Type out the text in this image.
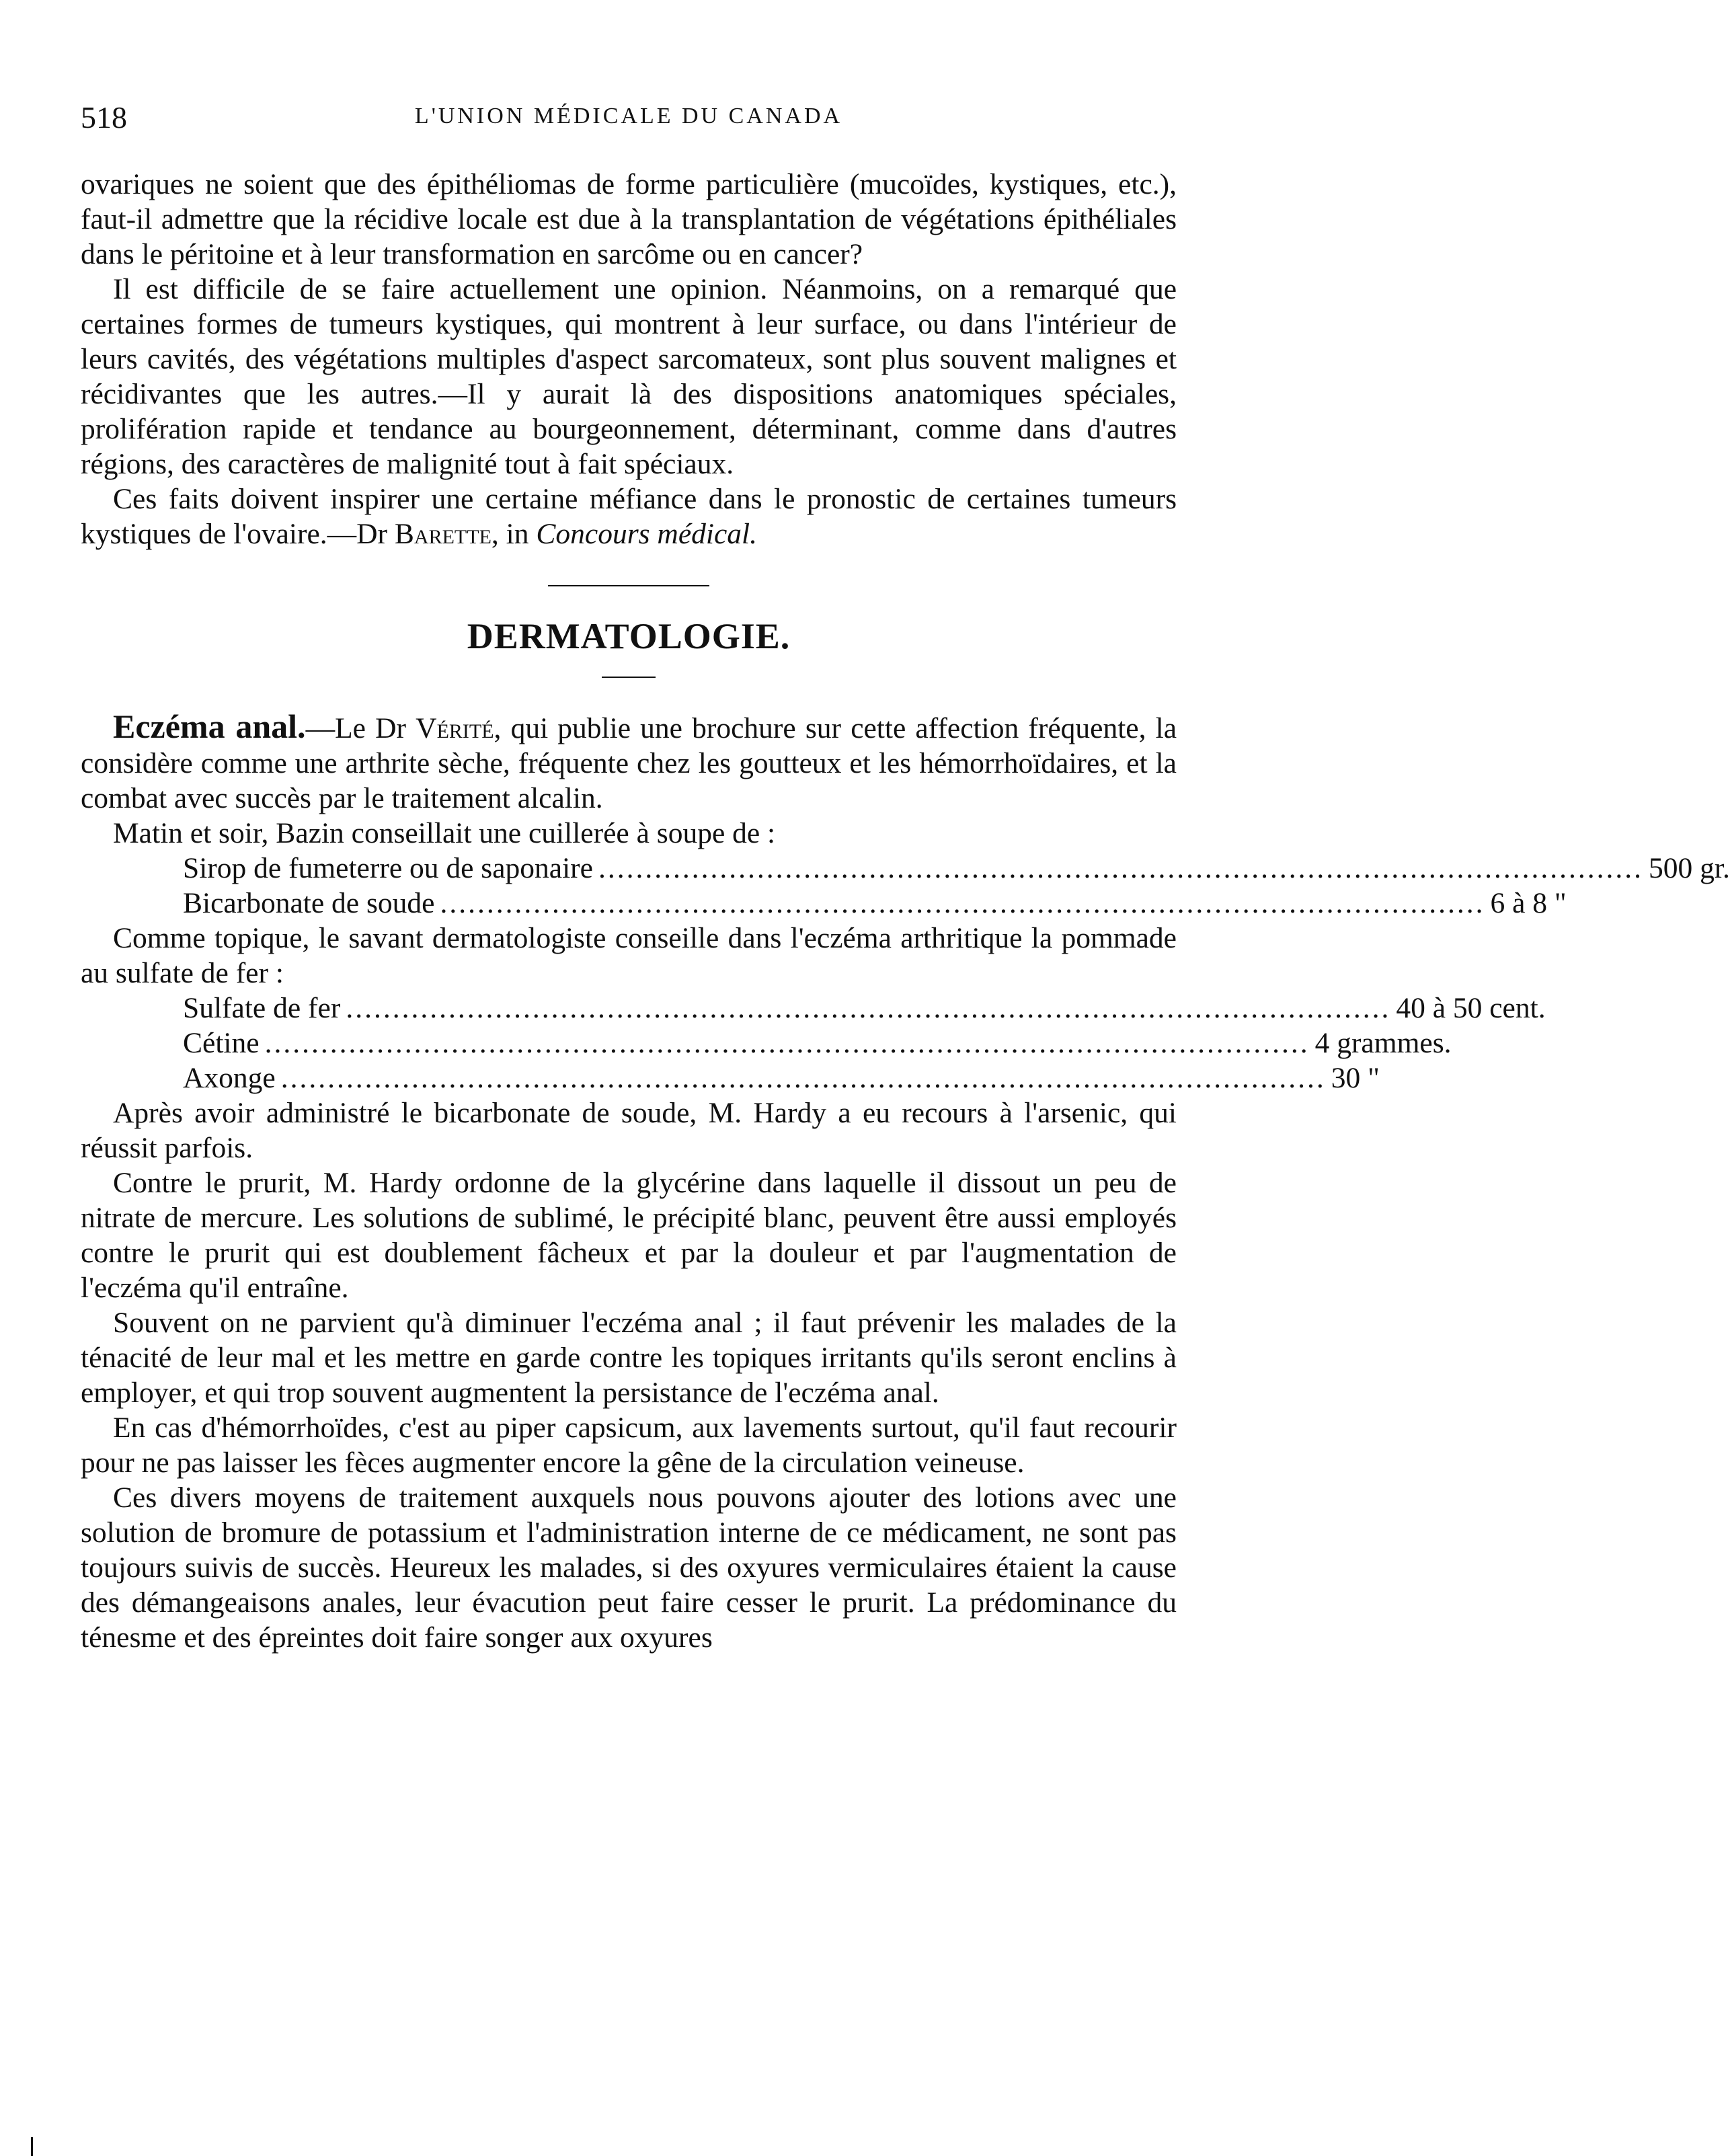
518	L'UNION MÉDICALE DU CANADA

ovariques ne soient que des épithéliomas de forme particulière (mucoïdes, kystiques, etc.), faut-il admettre que la récidive locale est due à la transplantation de végétations épithéliales dans le péritoine et à leur transformation en sarcôme ou en cancer?

Il est difficile de se faire actuellement une opinion. Néanmoins, on a remarqué que certaines formes de tumeurs kystiques, qui montrent à leur surface, ou dans l'intérieur de leurs cavités, des végétations multiples d'aspect sarcomateux, sont plus souvent malignes et récidivantes que les autres.—Il y aurait là des dispositions anatomiques spéciales, prolifération rapide et tendance au bourgeonnement, déterminant, comme dans d'autres régions, des caractères de malignité tout à fait spéciaux.

Ces faits doivent inspirer une certaine méfiance dans le pronostic de certaines tumeurs kystiques de l'ovaire.—Dr Barette, in Concours médical.

DERMATOLOGIE.

Eczéma anal.—Le Dr Vérité, qui publie une brochure sur cette affection fréquente, la considère comme une arthrite sèche, fréquente chez les goutteux et les hémorrhoïdaires, et la combat avec succès par le traitement alcalin.

Matin et soir, Bazin conseillait une cuillerée à soupe de :

Sirop de fumeterre ou de saponaire ................................................................................................................ 500 gr.
Bicarbonate de soude ................................................................................................................ 6 à 8 "

Comme topique, le savant dermatologiste conseille dans l'eczéma arthritique la pommade au sulfate de fer :

Sulfate de fer ................................................................................................................ 40 à 50 cent.
Cétine ................................................................................................................ 4 grammes.
Axonge ................................................................................................................ 30 "

Après avoir administré le bicarbonate de soude, M. Hardy a eu recours à l'arsenic, qui réussit parfois.

Contre le prurit, M. Hardy ordonne de la glycérine dans laquelle il dissout un peu de nitrate de mercure. Les solutions de sublimé, le précipité blanc, peuvent être aussi employés contre le prurit qui est doublement fâcheux et par la douleur et par l'augmentation de l'eczéma qu'il entraîne.

Souvent on ne parvient qu'à diminuer l'eczéma anal ; il faut prévenir les malades de la ténacité de leur mal et les mettre en garde contre les topiques irritants qu'ils seront enclins à employer, et qui trop souvent augmentent la persistance de l'eczéma anal.

En cas d'hémorrhoïdes, c'est au piper capsicum, aux lavements surtout, qu'il faut recourir pour ne pas laisser les fèces augmenter encore la gêne de la circulation veineuse.

Ces divers moyens de traitement auxquels nous pouvons ajouter des lotions avec une solution de bromure de potassium et l'administration interne de ce médicament, ne sont pas toujours suivis de succès. Heureux les malades, si des oxyures vermiculaires étaient la cause des démangeaisons anales, leur évacution peut faire cesser le prurit. La prédominance du ténesme et des épreintes doit faire songer aux oxyures
